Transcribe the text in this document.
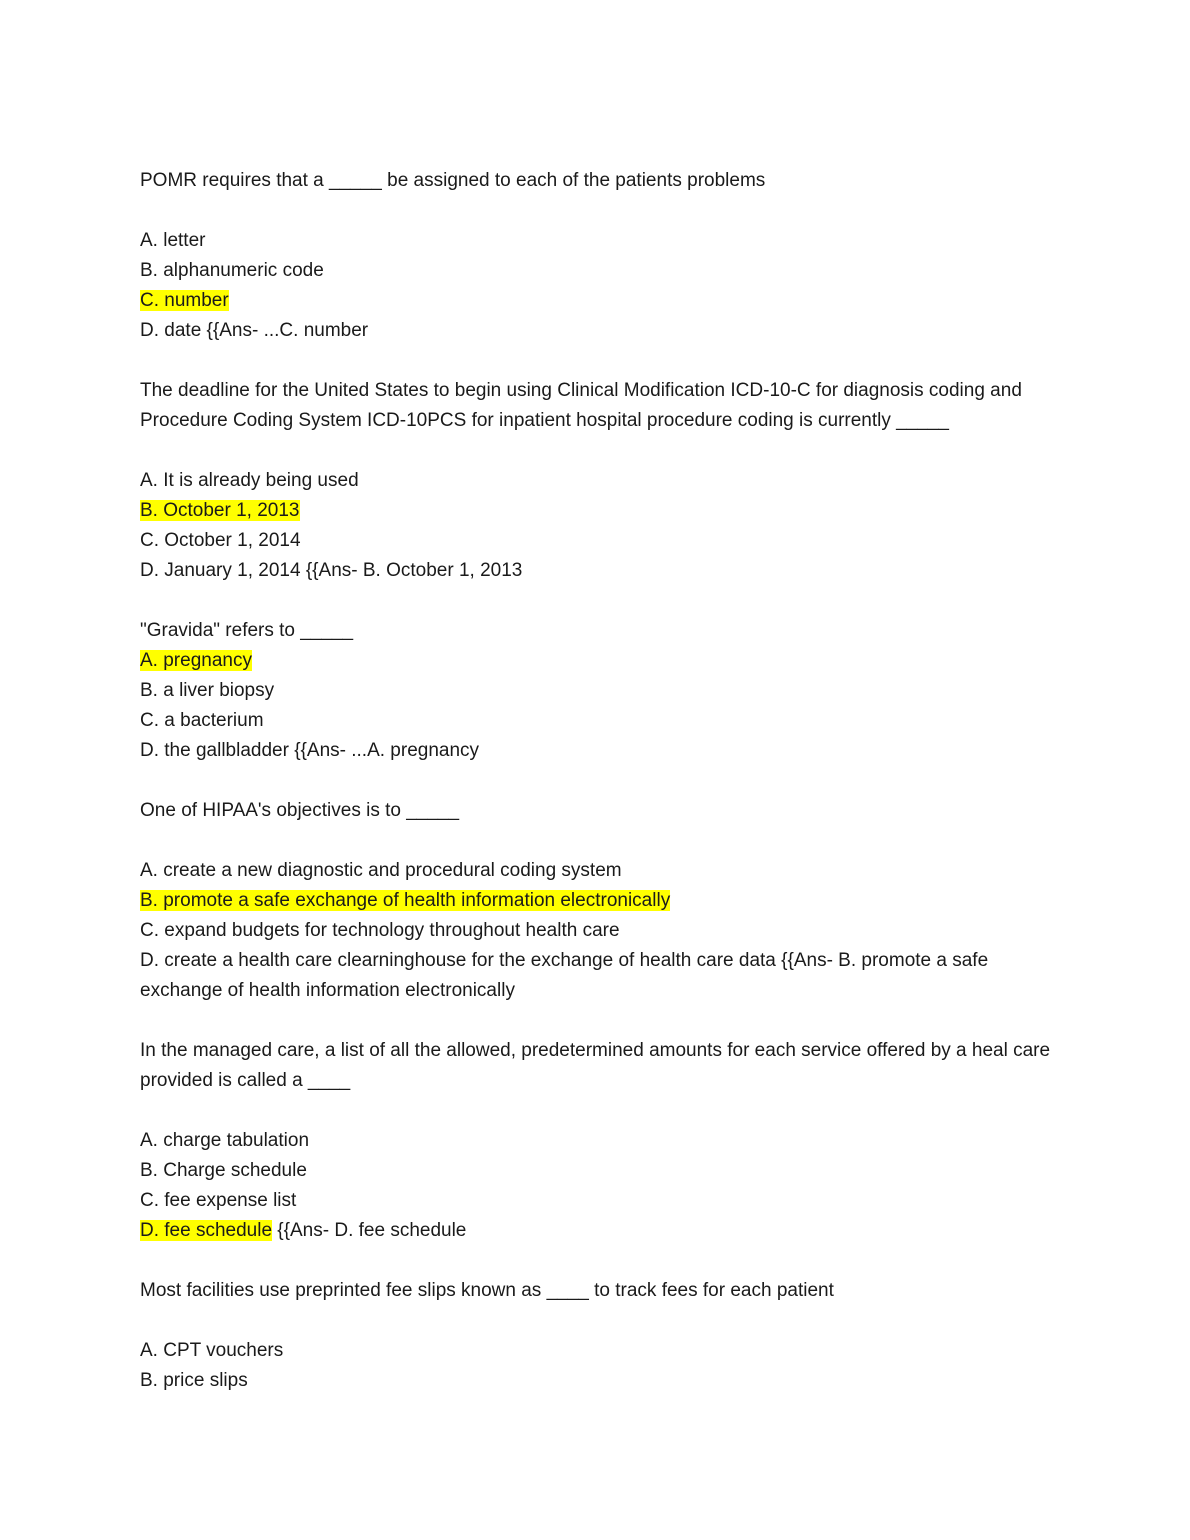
POMR requires that a _____ be assigned to each of the patients problems
A. letter
B. alphanumeric code
C. number
D. date {{Ans- ...C. number
The deadline for the United States to begin using Clinical Modification ICD-10-C for diagnosis coding and Procedure Coding System ICD-10PCS for inpatient hospital procedure coding is currently _____
A. It is already being used
B. October 1, 2013
C. October 1, 2014
D. January 1, 2014 {{Ans- B. October 1, 2013
"Gravida" refers to _____
A. pregnancy
B. a liver biopsy
C. a bacterium
D. the gallbladder {{Ans- ...A. pregnancy
One of HIPAA's objectives is to _____
A. create a new diagnostic and procedural coding system
B. promote a safe exchange of health information electronically
C. expand budgets for technology throughout health care
D. create a health care clearninghouse for the exchange of health care data {{Ans- B. promote a safe exchange of health information electronically
In the managed care, a list of all the allowed, predetermined amounts for each service offered by a heal care provided is called a ____
A. charge tabulation
B. Charge schedule
C. fee expense list
D. fee schedule {{Ans- D. fee schedule
Most facilities use preprinted fee slips known as ____ to track fees for each patient
A. CPT vouchers
B. price slips
